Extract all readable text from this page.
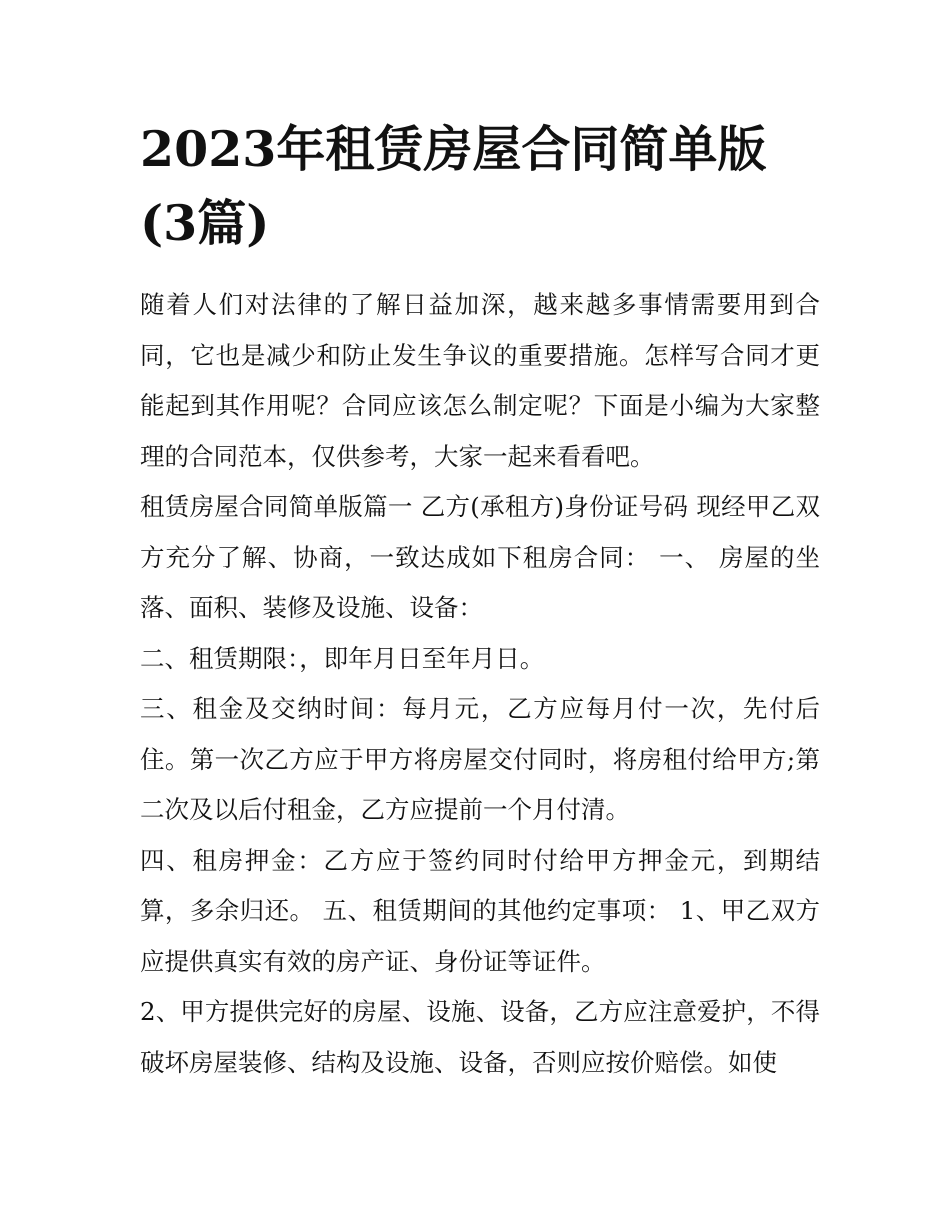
2023年租赁房屋合同简单版(3篇)

随着人们对法律的了解日益加深，越来越多事情需要用到合同，它也是减少和防止发生争议的重要措施。怎样写合同才更能起到其作用呢？合同应该怎么制定呢？下面是小编为大家整理的合同范本，仅供参考，大家一起来看看吧。

租赁房屋合同简单版篇一 乙方(承租方)身份证号码 现经甲乙双方充分了解、协商，一致达成如下租房合同： 一、 房屋的坐落、面积、装修及设施、设备：

二、租赁期限：，即年月日至年月日。

三、租金及交纳时间：每月元，乙方应每月付一次，先付后住。第一次乙方应于甲方将房屋交付同时，将房租付给甲方;第二次及以后付租金，乙方应提前一个月付清。

四、租房押金：乙方应于签约同时付给甲方押金元，到期结算，多余归还。 五、租赁期间的其他约定事项： 1、甲乙双方应提供真实有效的房产证、身份证等证件。

2、甲方提供完好的房屋、设施、设备，乙方应注意爱护，不得破坏房屋装修、结构及设施、设备，否则应按价赔偿。如使
